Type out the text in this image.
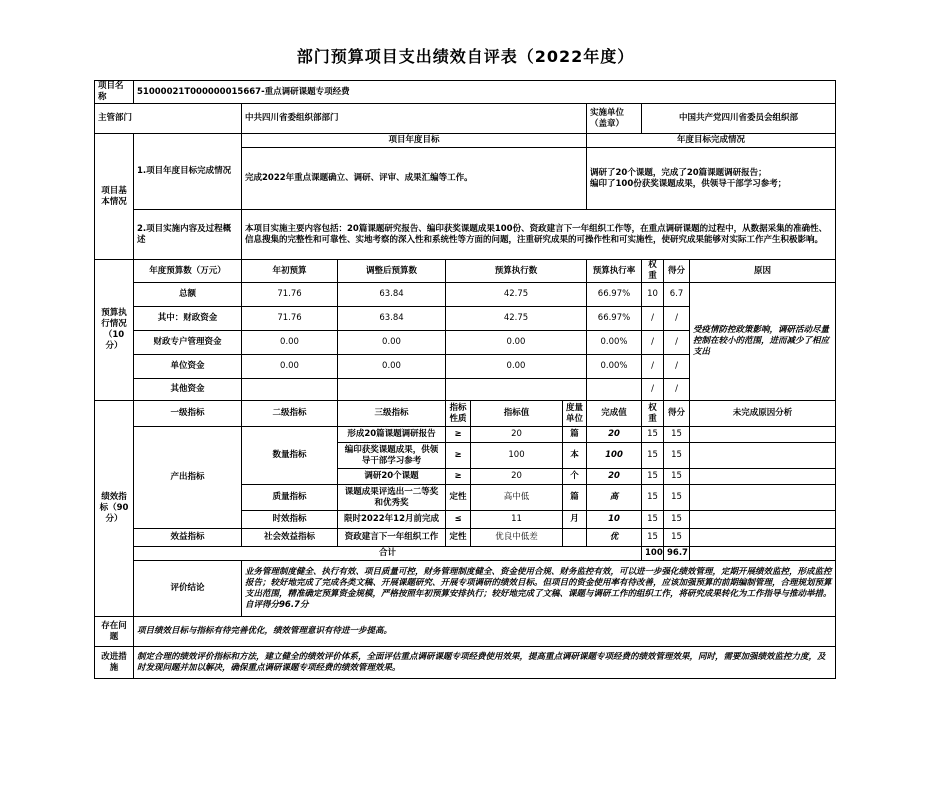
部门预算项目支出绩效自评表（2022年度）
项目名称	51000021T000000015667-重点调研课题专项经费									
主管部门		中共四川省委组织部部门					实施单位（盖章）	中国共产党四川省委员会组织部		
项目基本情况	1.项目年度目标完成情况	项目年度目标					年度目标完成情况			
		完成2022年重点课题确立、调研、评审、成果汇编等工作。					调研了20个课题，完成了20篇课题调研报告；
编印了100份获奖课题成果，供领导干部学习参考；			

	2.项目实施内容及过程概述	本项目实施主要内容包括：20篇课题研究报告、编印获奖课题成果100份、资政建言下一年组织工作等，在重点调研课题的过程中，从数据采集的准确性、信息搜集的完整性和可靠性、实地考察的深入性和系统性等方面的问题，注重研究成果的可操作性和可实施性，使研究成果能够对实际工作产生积极影响。								
预算执行情况（10分）	年度预算数（万元）	年初预算	调整后预算数	预算执行数			预算执行率	权重	得分	原因
	总额	71.76	63.84	42.75			66.97%	10	6.7	受疫情防控政策影响，调研活动尽量控制在较小的范围，进而减少了相应支出
	其中：财政资金	71.76	63.84	42.75			66.97%	/	/	
	财政专户管理资金	0.00	0.00	0.00			0.00%	/	/	
	单位资金	0.00	0.00	0.00			0.00%	/	/	
	其他资金							/	/	
绩效指标（90分）	一级指标	二级指标	三级指标	指标性质	指标值	度量单位	完成值	权重	得分	未完成原因分析
	产出指标	数量指标	形成20篇课题调研报告	≥	20	篇	20	15	15	
			编印获奖课题成果，供领导干部学习参考	≥	100	本	100	15	15	
			调研20个课题	≥	20	个	20	15	15	
		质量指标	课题成果评选出一二等奖和优秀奖	定性	高中低	篇	高	15	15	
		时效指标	限时2022年12月前完成	≤	11	月	10	15	15	
	效益指标	社会效益指标	资政建言下一年组织工作	定性	优良中低差		优	15	15	
	合计							100	96.7	
	评价结论	业务管理制度健全、执行有效、项目质量可控，财务管理制度健全、资金使用合规、财务监控有效，可以进一步强化绩效管理，定期开展绩效监控，形成监控报告；较好地完成了完成各类文稿、开展课题研究、开展专项调研的绩效目标。但项目的资金使用率有待改善，应该加强预算的前期编制管理，合理规划预算支出范围，精准确定预算资金规模，严格按照年初预算安排执行；较好地完成了文稿、课题与调研工作的组织工作，将研究成果转化为工作指导与推动举措。自评得分96.7分								
存在问题	项目绩效目标与指标有待完善优化，绩效管理意识有待进一步提高。									
改进措施	制定合理的绩效评价指标和方法，建立健全的绩效评价体系，全面评估重点调研课题专项经费使用效果，提高重点调研课题专项经费的绩效管理效果，同时，需要加强绩效监控力度，及时发现问题并加以解决，确保重点调研课题专项经费的绩效管理效果。									
